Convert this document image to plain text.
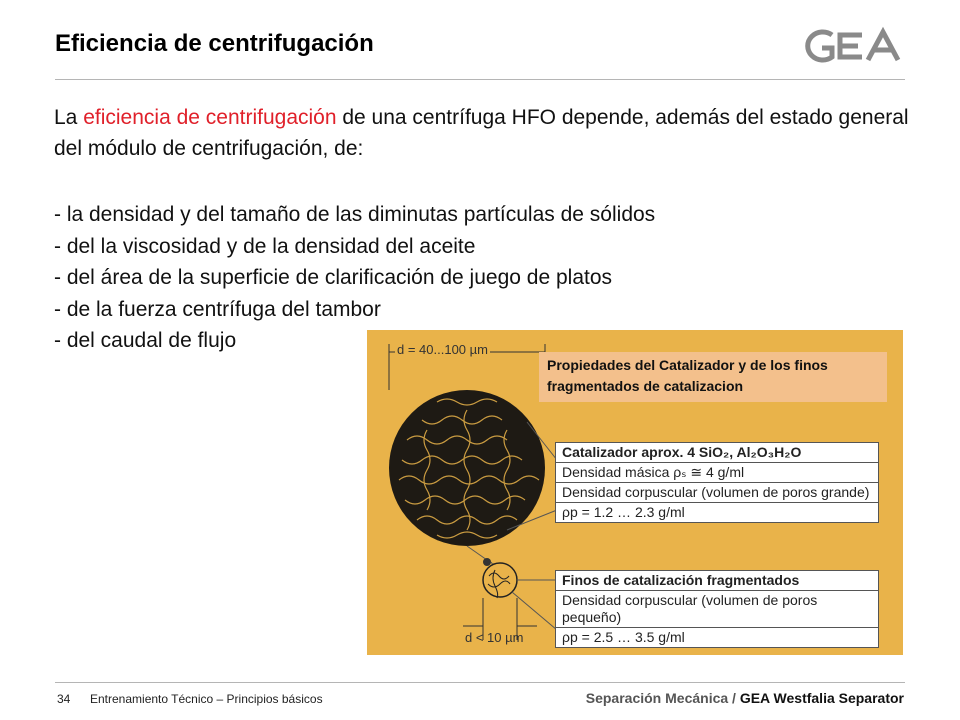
Eficiencia de centrifugación
La eficiencia de centrifugación de una centrífuga HFO depende, además del estado general del módulo de centrifugación, de:
- la densidad y del tamaño de las diminutas partículas de sólidos
- del la viscosidad y de la densidad del aceite
- del área de la superficie de clarificación de juego de platos
- de la fuerza centrífuga del tambor
- del caudal de flujo	d = 40...100 µm
d < 10 µm
Propiedades del Catalizador y de los finos fragmentados de catalizacion
Catalizador aprox. 4 SiO₂, Al₂O₃H₂O
Densidad másica ρₛ ≅ 4 g/ml
Densidad corpuscular (volumen de poros grande)
ρp = 1.2 … 2.3 g/ml
Finos de catalización fragmentados
Densidad corpuscular (volumen de poros pequeño)
ρp = 2.5 … 3.5 g/ml
34 Entrenamiento Técnico – Principios básicos	Separación Mecánica / GEA Westfalia Separator
